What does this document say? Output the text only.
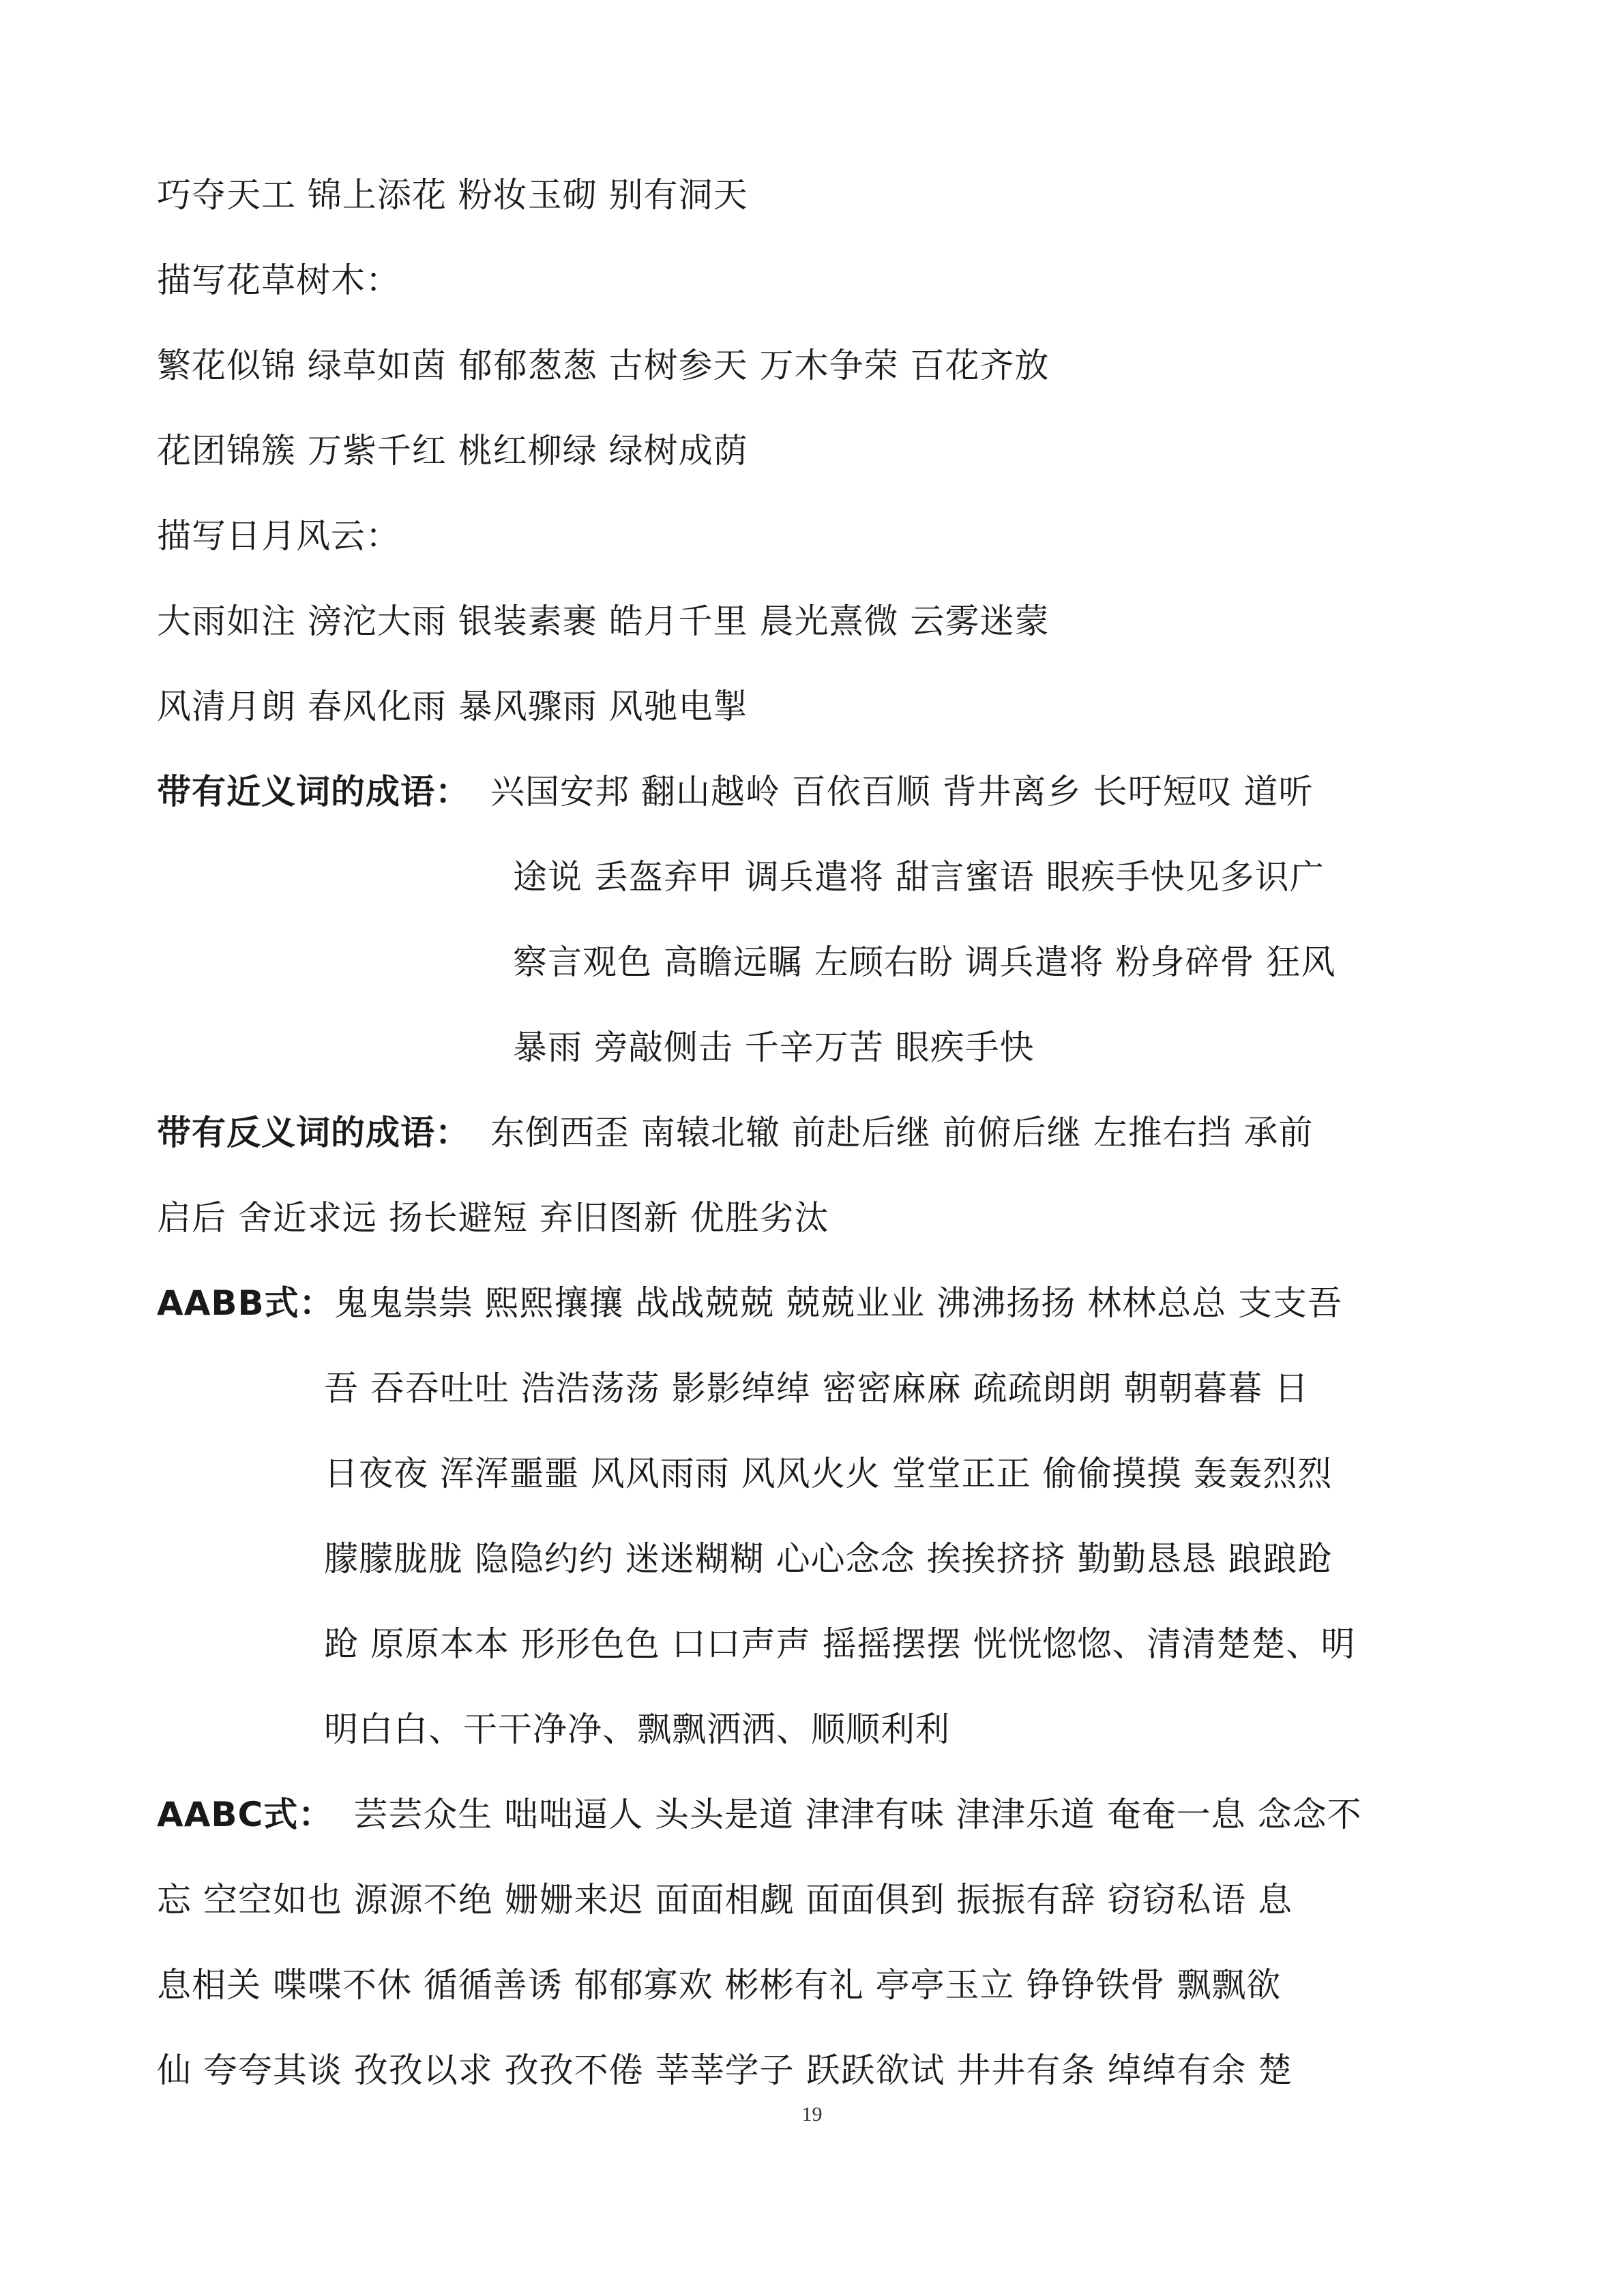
巧夺天工 锦上添花 粉妆玉砌 别有洞天
描写花草树木：
繁花似锦 绿草如茵 郁郁葱葱 古树参天 万木争荣 百花齐放
花团锦簇 万紫千红 桃红柳绿 绿树成荫
描写日月风云：
大雨如注 滂沱大雨 银装素裹 皓月千里 晨光熹微 云雾迷蒙
风清月朗 春风化雨 暴风骤雨 风驰电掣
带有近义词的成语： 兴国安邦 翻山越岭 百依百顺 背井离乡 长吁短叹 道听
途说 丢盔弃甲 调兵遣将 甜言蜜语 眼疾手快见多识广
察言观色 高瞻远瞩 左顾右盼 调兵遣将 粉身碎骨 狂风
暴雨 旁敲侧击 千辛万苦 眼疾手快
带有反义词的成语： 东倒西歪 南辕北辙 前赴后继 前俯后继 左推右挡 承前
启后 舍近求远 扬长避短 弃旧图新 优胜劣汰
AABB式：鬼鬼祟祟 熙熙攘攘 战战兢兢 兢兢业业 沸沸扬扬 林林总总 支支吾
吾 吞吞吐吐 浩浩荡荡 影影绰绰 密密麻麻 疏疏朗朗 朝朝暮暮 日
日夜夜 浑浑噩噩 风风雨雨 风风火火 堂堂正正 偷偷摸摸 轰轰烈烈
朦朦胧胧 隐隐约约 迷迷糊糊 心心念念 挨挨挤挤 勤勤恳恳 踉踉跄
跄 原原本本 形形色色 口口声声 摇摇摆摆 恍恍惚惚、清清楚楚、明
明白白、干干净净、飘飘洒洒、顺顺利利
AABC式： 芸芸众生 咄咄逼人 头头是道 津津有味 津津乐道 奄奄一息 念念不
忘 空空如也 源源不绝 姗姗来迟 面面相觑 面面俱到 振振有辞 窃窃私语 息
息相关 喋喋不休 循循善诱 郁郁寡欢 彬彬有礼 亭亭玉立 铮铮铁骨 飘飘欲
仙 夸夸其谈 孜孜以求 孜孜不倦 莘莘学子 跃跃欲试 井井有条 绰绰有余 楚
19
